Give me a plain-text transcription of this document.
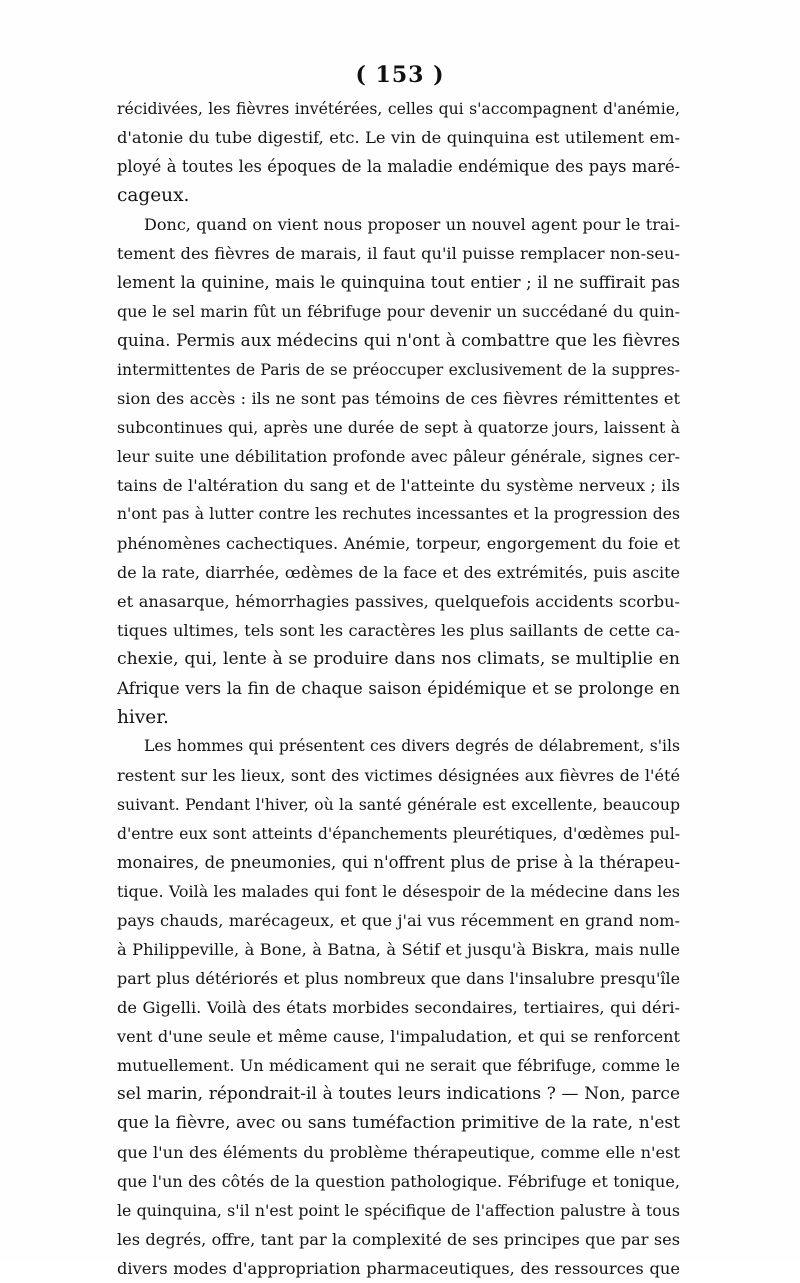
( 153 )
récidivées, les fièvres invétérées, celles qui s'accompagnent d'anémie,
d'atonie du tube digestif, etc. Le vin de quinquina est utilement em-
ployé à toutes les époques de la maladie endémique des pays maré-
cageux.
Donc, quand on vient nous proposer un nouvel agent pour le trai-
tement des fièvres de marais, il faut qu'il puisse remplacer non-seu-
lement la quinine, mais le quinquina tout entier ; il ne suffirait pas
que le sel marin fût un fébrifuge pour devenir un succédané du quin-
quina. Permis aux médecins qui n'ont à combattre que les fièvres
intermittentes de Paris de se préoccuper exclusivement de la suppres-
sion des accès : ils ne sont pas témoins de ces fièvres rémittentes et
subcontinues qui, après une durée de sept à quatorze jours, laissent à
leur suite une débilitation profonde avec pâleur générale, signes cer-
tains de l'altération du sang et de l'atteinte du système nerveux ; ils
n'ont pas à lutter contre les rechutes incessantes et la progression des
phénomènes cachectiques. Anémie, torpeur, engorgement du foie et
de la rate, diarrhée, œdèmes de la face et des extrémités, puis ascite
et anasarque, hémorrhagies passives, quelquefois accidents scorbu-
tiques ultimes, tels sont les caractères les plus saillants de cette ca-
chexie, qui, lente à se produire dans nos climats, se multiplie en
Afrique vers la fin de chaque saison épidémique et se prolonge en
hiver.
Les hommes qui présentent ces divers degrés de délabrement, s'ils
restent sur les lieux, sont des victimes désignées aux fièvres de l'été
suivant. Pendant l'hiver, où la santé générale est excellente, beaucoup
d'entre eux sont atteints d'épanchements pleurétiques, d'œdèmes pul-
monaires, de pneumonies, qui n'offrent plus de prise à la thérapeu-
tique. Voilà les malades qui font le désespoir de la médecine dans les
pays chauds, marécageux, et que j'ai vus récemment en grand nom-
à Philippeville, à Bone, à Batna, à Sétif et jusqu'à Biskra, mais nulle
part plus détériorés et plus nombreux que dans l'insalubre presqu'île
de Gigelli. Voilà des états morbides secondaires, tertiaires, qui déri-
vent d'une seule et même cause, l'impaludation, et qui se renforcent
mutuellement. Un médicament qui ne serait que fébrifuge, comme le
sel marin, répondrait-il à toutes leurs indications ? — Non, parce
que la fièvre, avec ou sans tuméfaction primitive de la rate, n'est
que l'un des éléments du problème thérapeutique, comme elle n'est
que l'un des côtés de la question pathologique. Fébrifuge et tonique,
le quinquina, s'il n'est point le spécifique de l'affection palustre à tous
les degrés, offre, tant par la complexité de ses principes que par ses
divers modes d'appropriation pharmaceutiques, des ressources que
